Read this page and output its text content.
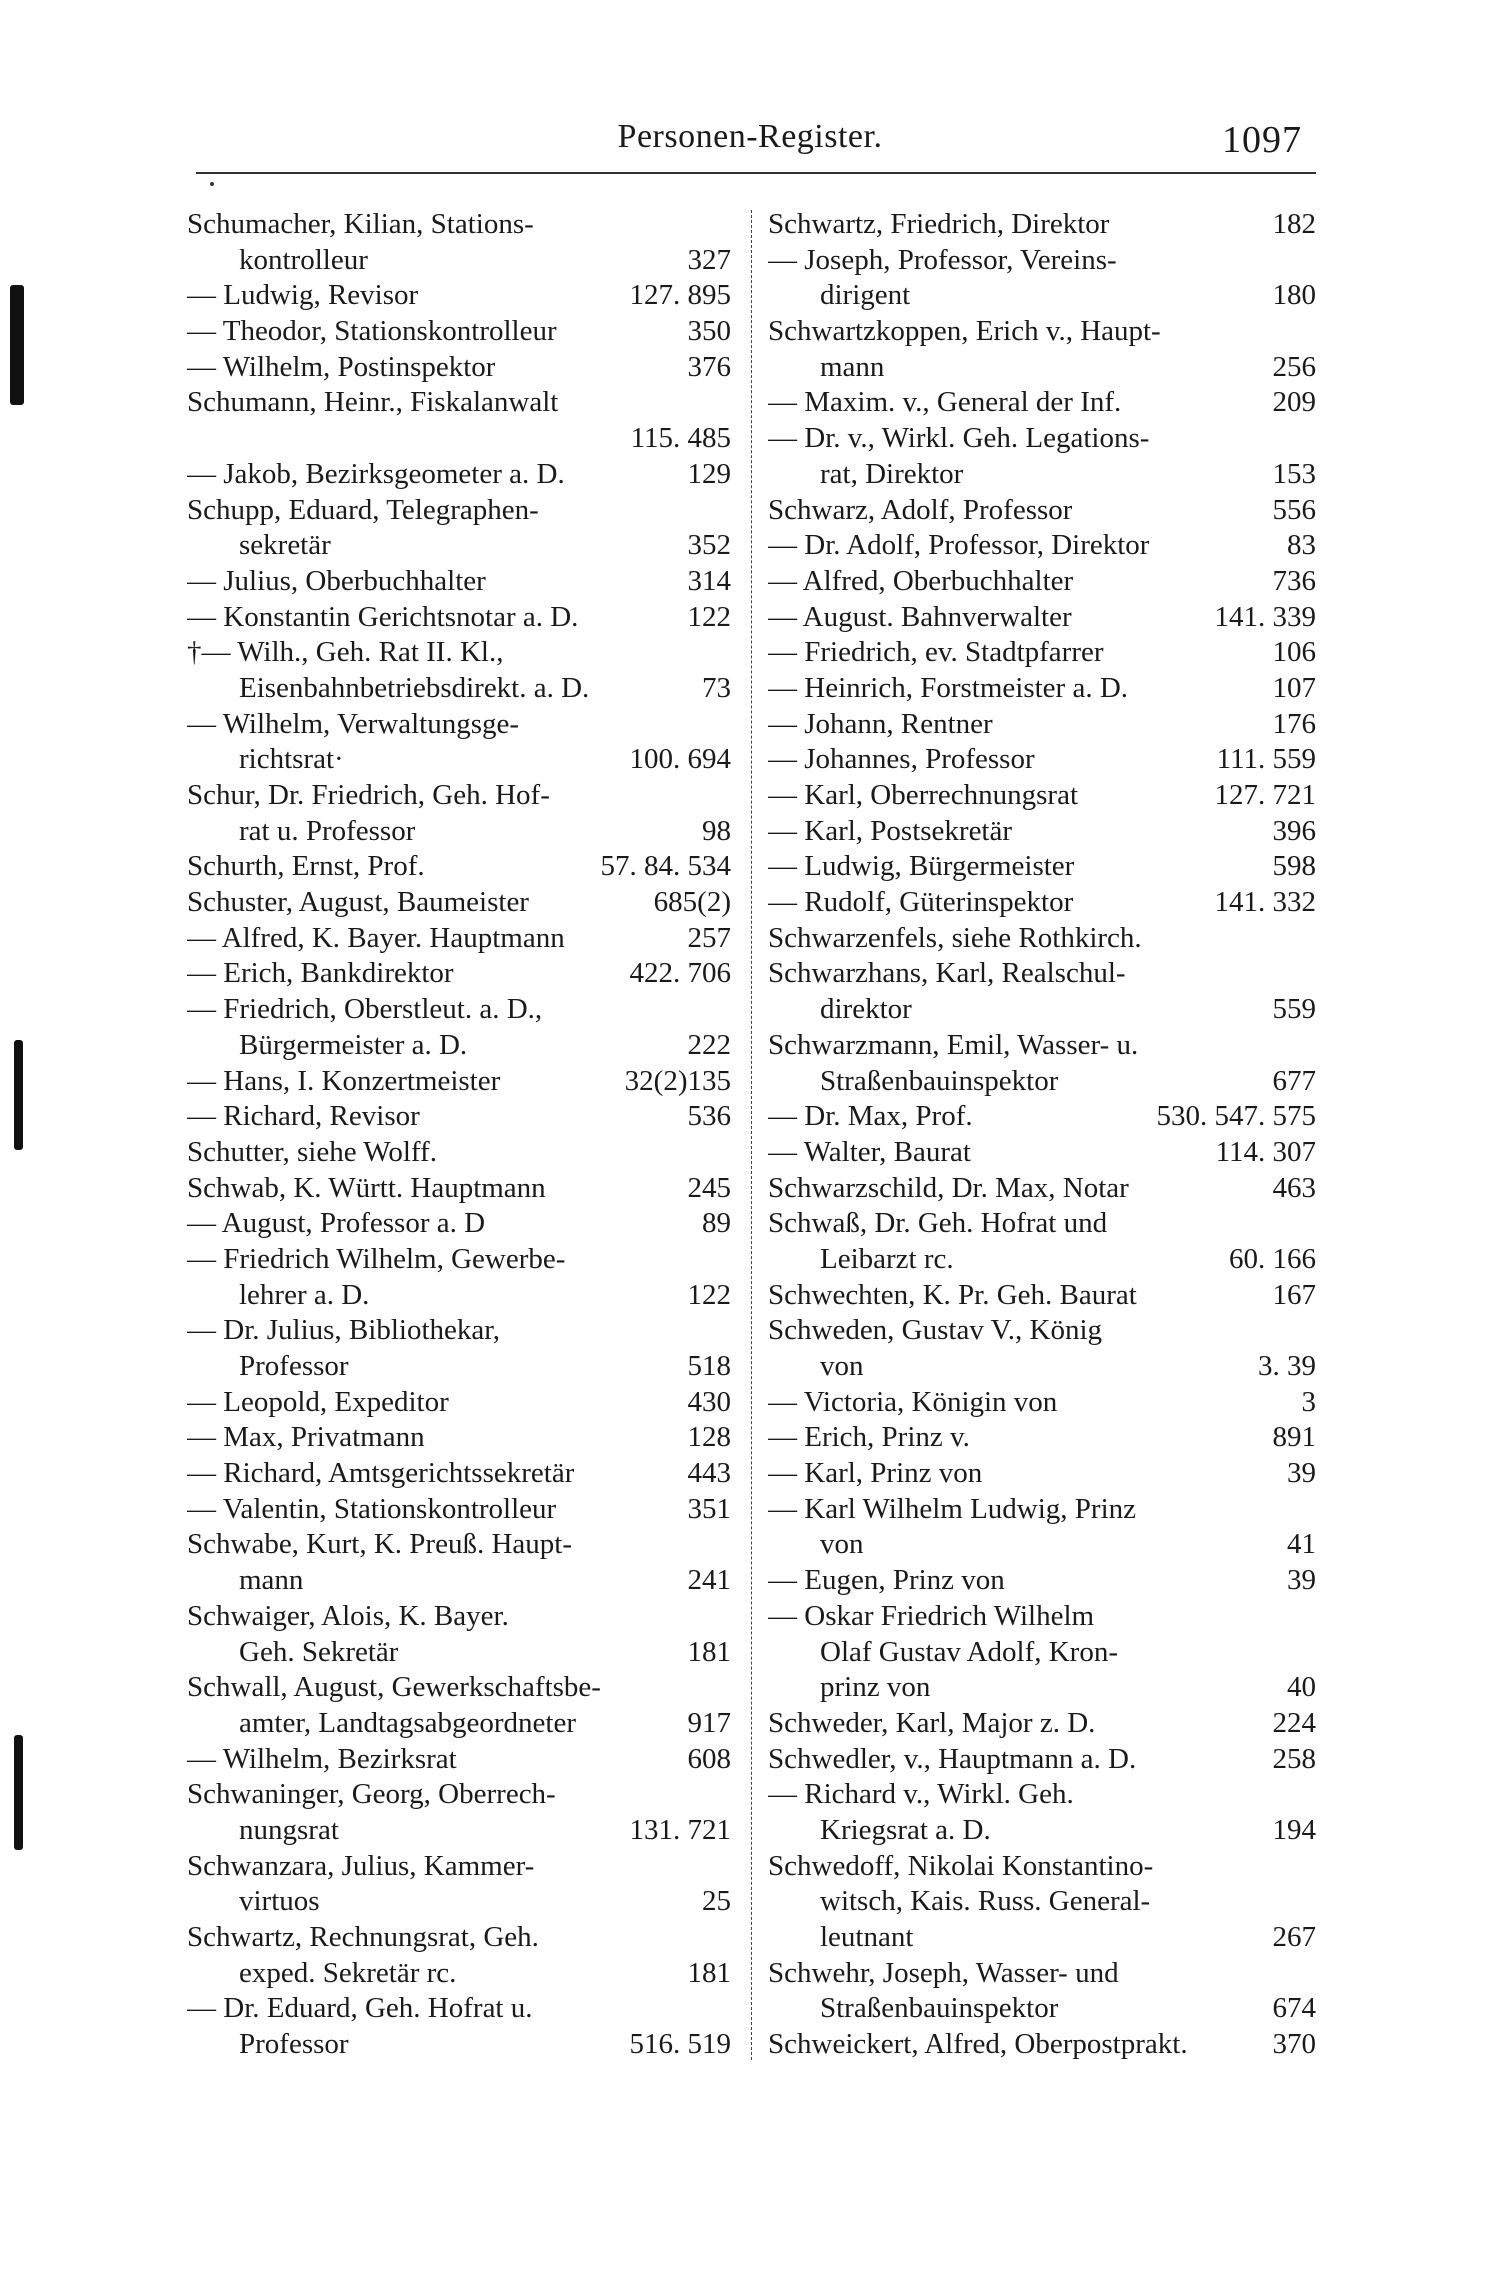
Personen-Register.	1097
Schumacher, Kilian, Stations-
kontrolleur	327
— Ludwig, Revisor	127. 895
— Theodor, Stationskontrolleur	350
— Wilhelm, Postinspektor	376
Schumann, Heinr., Fiskalanwalt
115. 485
— Jakob, Bezirksgeometer a. D.	129
Schupp, Eduard, Telegraphen-
sekretär	352
— Julius, Oberbuchhalter	314
— Konstantin Gerichtsnotar a. D.	122
†— Wilh., Geh. Rat II. Kl.,
Eisenbahnbetriebsdirekt. a. D.	73
— Wilhelm, Verwaltungsge-
richtsrat·	100. 694
Schur, Dr. Friedrich, Geh. Hof-
rat u. Professor	98
Schurth, Ernst, Prof.	57. 84. 534
Schuster, August, Baumeister	685(2)
— Alfred, K. Bayer. Hauptmann	257
— Erich, Bankdirektor	422. 706
— Friedrich, Oberstleut. a. D.,
Bürgermeister a. D.	222
— Hans, I. Konzertmeister	32(2)135
— Richard, Revisor	536
Schutter, siehe Wolff.
Schwab, K. Württ. Hauptmann	245
— August, Professor a. D	89
— Friedrich Wilhelm, Gewerbe-
lehrer a. D.	122
— Dr. Julius, Bibliothekar,
Professor	518
— Leopold, Expeditor	430
— Max, Privatmann	128
— Richard, Amtsgerichtssekretär	443
— Valentin, Stationskontrolleur	351
Schwabe, Kurt, K. Preuß. Haupt-
mann	241
Schwaiger, Alois, K. Bayer.
Geh. Sekretär	181
Schwall, August, Gewerkschaftsbe-
amter, Landtagsabgeordneter	917
— Wilhelm, Bezirksrat	608
Schwaninger, Georg, Oberrech-
nungsrat	131. 721
Schwanzara, Julius, Kammer-
virtuos	25
Schwartz, Rechnungsrat, Geh.
exped. Sekretär rc.	181
— Dr. Eduard, Geh. Hofrat u.
Professor	516. 519
Schwartz, Friedrich, Direktor	182
— Joseph, Professor, Vereins-
dirigent	180
Schwartzkoppen, Erich v., Haupt-
mann	256
— Maxim. v., General der Inf.	209
— Dr. v., Wirkl. Geh. Legations-
rat, Direktor	153
Schwarz, Adolf, Professor	556
— Dr. Adolf, Professor, Direktor	83
— Alfred, Oberbuchhalter	736
— August. Bahnverwalter	141. 339
— Friedrich, ev. Stadtpfarrer	106
— Heinrich, Forstmeister a. D.	107
— Johann, Rentner	176
— Johannes, Professor	111. 559
— Karl, Oberrechnungsrat	127. 721
— Karl, Postsekretär	396
— Ludwig, Bürgermeister	598
— Rudolf, Güterinspektor	141. 332
Schwarzenfels, siehe Rothkirch.
Schwarzhans, Karl, Realschul-
direktor	559
Schwarzmann, Emil, Wasser- u.
Straßenbauinspektor	677
— Dr. Max, Prof.	530. 547. 575
— Walter, Baurat	114. 307
Schwarzschild, Dr. Max, Notar	463
Schwaß, Dr. Geh. Hofrat und
Leibarzt rc.	60. 166
Schwechten, K. Pr. Geh. Baurat	167
Schweden, Gustav V., König
von	3. 39
— Victoria, Königin von	3
— Erich, Prinz v.	891
— Karl, Prinz von	39
— Karl Wilhelm Ludwig, Prinz
von	41
— Eugen, Prinz von	39
— Oskar Friedrich Wilhelm
Olaf Gustav Adolf, Kron-
prinz von	40
Schweder, Karl, Major z. D.	224
Schwedler, v., Hauptmann a. D.	258
— Richard v., Wirkl. Geh.
Kriegsrat a. D.	194
Schwedoff, Nikolai Konstantino-
witsch, Kais. Russ. General-
leutnant	267
Schwehr, Joseph, Wasser- und
Straßenbauinspektor	674
Schweickert, Alfred, Oberpostprakt.	370
